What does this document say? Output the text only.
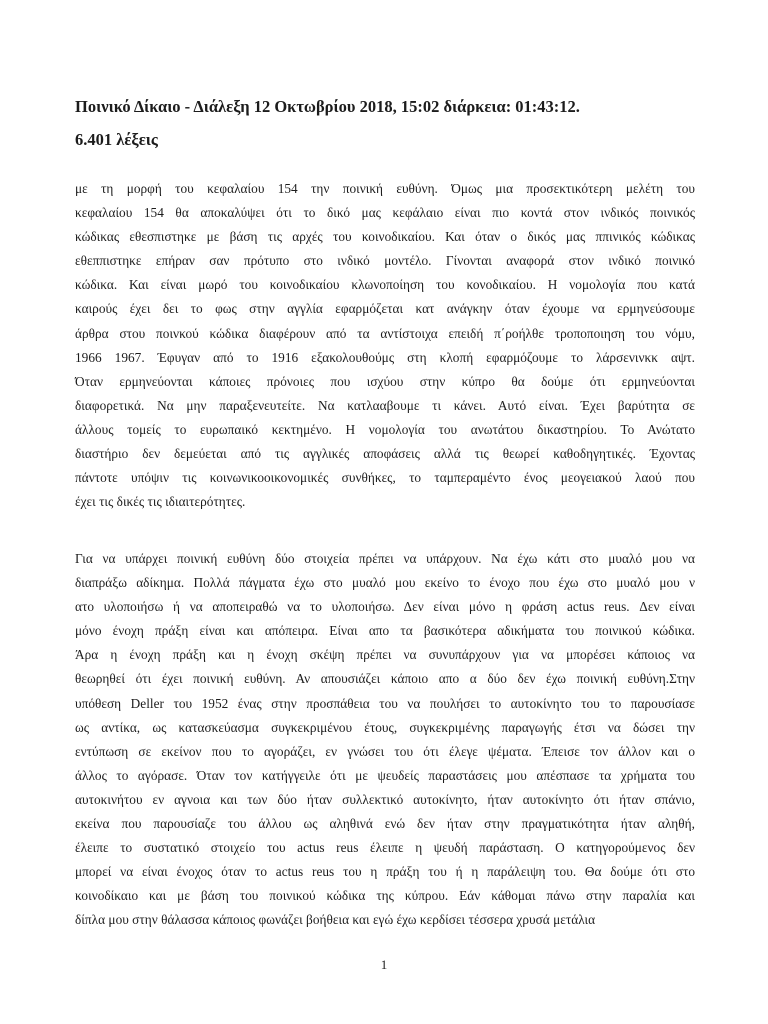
Ποινικό Δίκαιο - Διάλεξη 12 Οκτωβρίου 2018, 15:02 διάρκεια: 01:43:12.
6.401 λέξεις
με τη μορφή του κεφαλαίου 154 την ποινική ευθύνη. Όμως μια προσεκτικότερη μελέτη του
κεφαλαίου 154 θα αποκαλύψει ότι το δικό μας κεφάλαιο είναι πιο κοντά στον ινδικός ποινικός
κώδικας εθεσπιστηκε με βάση τις αρχές του κοινοδικαίου. Και όταν ο δικός μας ππινικός κώδικας
εθεππιστηκε επήραν σαν πρότυπο στο ινδικό μοντέλο. Γίνονται αναφορά στον ινδικό ποινικό
κώδικα. Και είναι μωρό του κοινοδικαίου κλωνοποίηση του κονοδικαίου. Η νομολογία που κατά
καιρούς έχει δει το φως στην αγγλία εφαρμόζεται κατ ανάγκην όταν έχουμε να ερμηνεύσουμε
άρθρα στου ποινκού κώδικα διαφέρουν από τα αντίστοιχα επειδή π΄ροήλθε τροποποιηση του νόμυ,
1966 1967. Έφυγαν από το 1916 εξακολουθούμς στη κλοπή εφαρμόζουμε το λάρσενινκκ αψτ.
Όταν ερμηνεύονται κάποιες πρόνοιες που ισχύου στην κύπρο θα δούμε ότι ερμηνεύονται
διαφορετικά. Να μην παραξενευτείτε. Να κατλααβουμε τι κάνει. Αυτό είναι. Έχει βαρύτητα σε
άλλους τομείς το ευρωπαικό κεκτημένο. Η νομολογία του ανωτάτου δικαστηρίου. Το Ανώτατο
διαστήριο δεν δεμεύεται από τις αγγλικές αποφάσεις αλλά τις θεωρεί καθοδηγητικές. Έχοντας
πάντοτε υπόψιν τις κοινωνικοοικονομικές συνθήκες, το ταμπεραμέντο ένος μεογειακού λαού που
έχει τις δικές τις ιδιαιτερότητες.
Για να υπάρχει ποινική ευθύνη δύο στοιχεία πρέπει να υπάρχουν. Να έχω κάτι στο μυαλό μου να
διαπράξω αδίκημα. Πολλά πάγματα έχω στο μυαλό μου εκείνο το ένοχο που έχω στο μυαλό μου ν
ατο υλοποιήσω ή να αποπειραθώ να το υλοποιήσω. Δεν είναι μόνο η φράση actus reus. Δεν είναι
μόνο ένοχη πράξη είναι και απόπειρα. Είναι απο τα βασικότερα αδικήματα του ποινικού κώδικα.
Άρα η ένοχη πράξη και η ένοχη σκέψη πρέπει να συνυπάρχουν για να μπορέσει κάποιος να
θεωρηθεί ότι έχει ποινική ευθύνη. Αν απουσιάζει κάποιο απο α δύο δεν έχω ποινική ευθύνη.Στην
υπόθεση Deller του 1952 ένας στην προσπάθεια του να πουλήσει το αυτοκίνητο του το παρουσίασε
ως αντίκα, ως κατασκεύασμα συγκεκριμένου έτους, συγκεκριμένης παραγωγής έτσι να δώσει την
εντύπωση σε εκείνον που το αγοράζει, εν γνώσει του ότι έλεγε ψέματα. Έπεισε τον άλλον και ο
άλλος το αγόρασε. Όταν τον κατήγγειλε ότι με ψευδείς παραστάσεις μου απέσπασε τα χρήματα του
αυτοκινήτου εν αγνοια και των δύο ήταν συλλεκτικό αυτοκίνητο, ήταν αυτοκίνητο ότι ήταν σπάνιο,
εκείνα που παρουσίαζε του άλλου ως αληθινά ενώ δεν ήταν στην πραγματικότητα ήταν αληθή,
έλειπε το συστατικό στοιχείο του actus reus έλειπε η ψευδή παράσταση. Ο κατηγορούμενος δεν
μπορεί να είναι ένοχος όταν το actus reus του η πράξη του ή η παράλειψη του. Θα δούμε ότι στο
κοινοδίκαιο και με βάση του ποινικού κώδικα της κύπρου. Εάν κάθομαι πάνω στην παραλία και
δίπλα μου στην θάλασσα κάποιος φωνάζει βοήθεια και εγώ έχω κερδίσει τέσσερα χρυσά μετάλια
1
